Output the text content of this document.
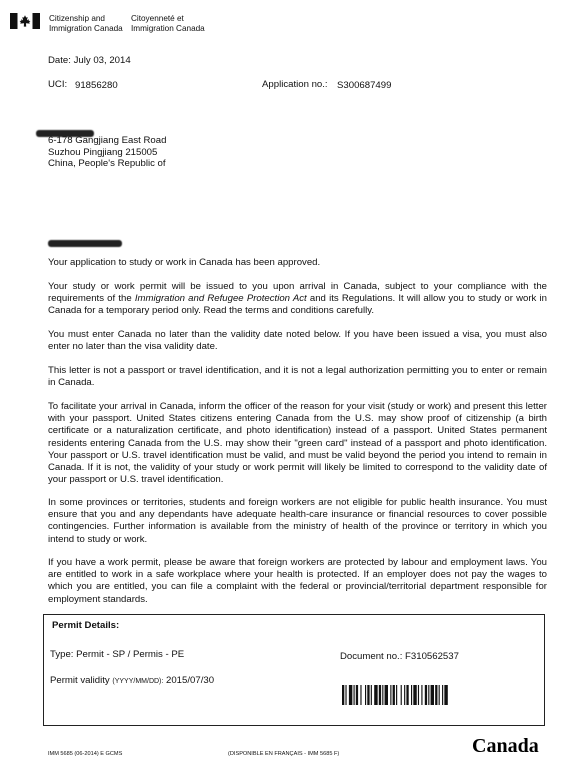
Citizenship and
Immigration Canada
Citoyenneté et
Immigration Canada
Date: July 03, 2014
UCI: 91856280	Application no.: S300687499
6-178 Gangjiang East Road
Suzhou Pingjiang 215005
China, People's Republic of

Your application to study or work in Canada has been approved.

Your study or work permit will be issued to you upon arrival in Canada, subject to your compliance with the requirements of the Immigration and Refugee Protection Act and its Regulations. It will allow you to study or work in Canada for a temporary period only. Read the terms and conditions carefully.

You must enter Canada no later than the validity date noted below. If you have been issued a visa, you must also enter no later than the visa validity date.

This letter is not a passport or travel identification, and it is not a legal authorization permitting you to enter or remain in Canada.

To facilitate your arrival in Canada, inform the officer of the reason for your visit (study or work) and present this letter with your passport. United States citizens entering Canada from the U.S. may show proof of citizenship (a birth certificate or a naturalization certificate, and photo identification) instead of a passport. United States permanent residents entering Canada from the U.S. may show their "green card" instead of a passport and photo identification. Your passport or U.S. travel identification must be valid, and must be valid beyond the period you intend to remain in Canada. If it is not, the validity of your study or work permit will likely be limited to correspond to the validity date of your passport or U.S. travel identification.

In some provinces or territories, students and foreign workers are not eligible for public health insurance. You must ensure that you and any dependants have adequate health-care insurance or financial resources to cover possible contingencies. Further information is available from the ministry of health of the province or territory in which you intend to study or work.

If you have a work permit, please be aware that foreign workers are protected by labour and employment laws. You are entitled to work in a safe workplace where your health is protected. If an employer does not pay the wages to which you are entitled, you can file a complaint with the federal or provincial/territorial department responsible for employment standards.

Permit Details:
Type: Permit - SP / Permis - PE	Document no.: F310562537
Permit validity (YYYY/MM/DD): 2015/07/30
IMM 5685 (06-2014) E GCMS	(DISPONIBLE EN FRANÇAIS - IMM 5685 F)	Canada
